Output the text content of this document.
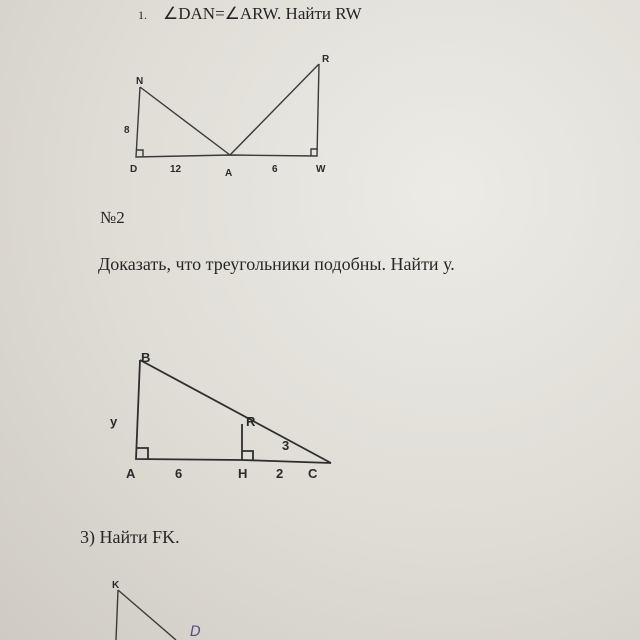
1. ∠DAN=∠ARW. Найти RW
N
8
D	12	A	6	W
R
№2
Доказать, что треугольники подобны. Найти у.
B
y
A	6	H 2 C
R
3
3) Найти FK.
K
D
